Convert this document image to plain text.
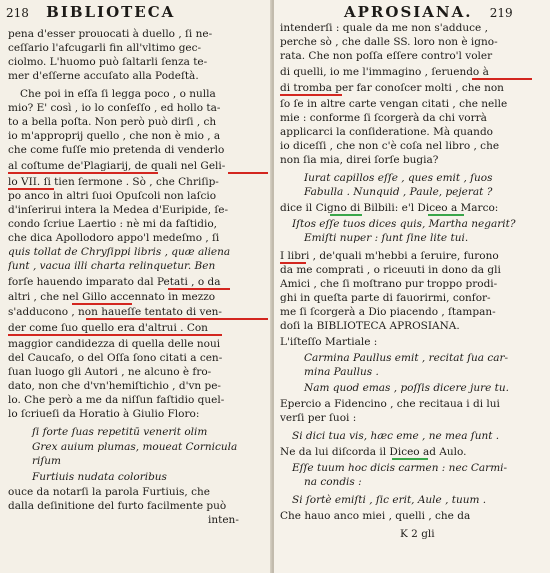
218 BIBLIOTECA
pena d'esser prouocati à duello , ſi ne-
ceſſario l'afcugarli fin all'vltimo gec-
ciolmo. L'huomo può ſaltarli ſenza te-
mer d'eſſerne accuſato alla Podeſtà.
Che poi in eſſa ſi legga poco , o nulla
mio? E' così , io lo conſeſſo , ed hollo ta-
to a bella poſta. Non però può dirſi , ch
io m'approprij quello , che non è mio , a
che come fuſſe mio pretenda di venderlo
al coſtume de'Plagiarij, de quali nel Geli-
lo VII. ſi tien ſermone . Sò , che Chriſip-
po anco in altri ſuoi Opuſcoli non laſcio
d'inſerirui intera la Medea d'Euripide, ſe-
condo ſcriue Laertio : nè mi da faſtidio,
che dica Apollodoro appo'l medeſmo , ſi
quis tollat de Chryſippi libris , quæ aliena
ſunt , vacua illi charta relinquetur. Ben
forſe hauendo imparato dal Petati , o da
altri , che nel Gillo accennato in mezzo
s'adducono , non haueſſe tentato di ven-
der come ſuo quello era d'altrui . Con
maggior candidezza di quella delle noui
del Caucaſo, o del Oſſa ſono citati a cen-
ſuan luogo gli Autori , ne alcuno è fro-
dato, non che d'vn'hemiſtichio , d'vn pe-
lo. Che però a me da niſſun faſtidio quel-
lo ſcriueſi da Horatio à Giulio Floro:
ſi forte ſuas repetitū venerit olim
Grex auium plumas, moueat Cornicula
riſum
Furtiuis nudata coloribus
ouce da notarſi la parola Furtiuis, che
dalla deſinitione del furto facilmente può
inten-
APROSIANA. 219
intenderſi : quale da me non s'adduce ,
perche sò , che dalle SS. loro non è igno-
rata. Che non poſſa eſſere contro'l voler
di quelli, io me l'immagino , ſeruendo à
di tromba per far conoſcer molti , che non
ſo ſe in altre carte vengan citati , che nelle
mie : conforme ſi ſcorgerà da chi vorrà
applicarci la conſideratione. Mà quando
io diceſſi , che non c'è coſa nel libro , che
non ſia mia, direi ſorſe bugia?
Iurat capillos eſſe , ques emit , ſuos
Fabulla . Nunquid , Paule, pejerat ?
dice il Cigno di Bilbili: e'l Diceo a Marco:
Iſtos eſſe tuos dices quis, Martha negarit?
Emiſti nuper : ſunt ſine lite tui.
I libri , de'quali m'hebbi a ſeruire, furono
da me comprati , o riceuuti in dono da gli
Amici , che ſi moſtrano pur troppo prodi-
ghi in queſta parte di fauorirmi, confor-
me ſi ſcorgerà a Dio piacendo , ſtampan-
doſi la BIBLIOTECA APROSIANA.
L'iſteſſo Martiale :
Carmina Paullus emit , recitat ſua car-
mina Paullus .
Nam quod emas , poſſis dicere jure tu.
Epercio a Fidencino , che recitaua i di lui
verſi per ſuoi :
Si dici tua vis, hæc eme , ne mea ſunt .
Ne da lui diſcorda il Diceo ad Aulo.
Eſſe tuum hoc dicis carmen : nec Carmi-
na condis :
Si ſortè emiſti , ſic erit, Aule , tuum .
Che hauo anco miei , quelli , che da
K 2 gli
